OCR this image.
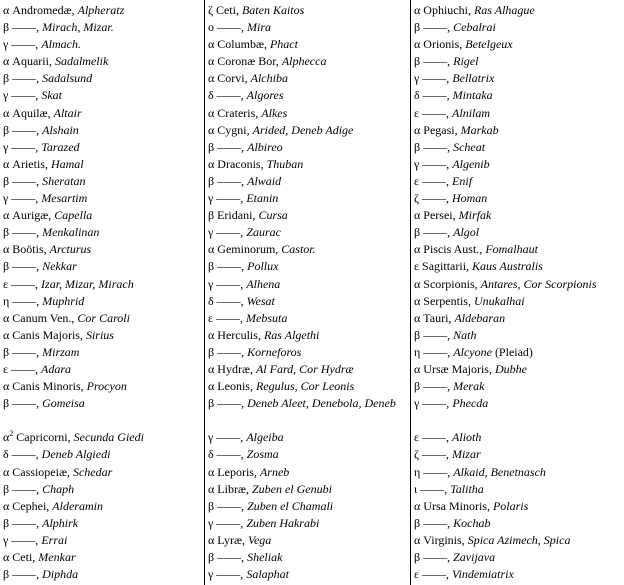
α Andromedæ, Alpheratz
β ——, Mirach, Mizar.
γ ——, Almach.
α Aquarii, Sadalmelik
β ——, Sadalsund
γ ——, Skat
α Aquilæ, Altair
β ——, Alshain
γ ——, Tarazed
α Arietis, Hamal
β ——, Sheratan
γ ——, Mesartim
α Aurigæ, Capella
β ——, Menkalinan
α Boötis, Arcturus
β ——, Nekkar
ε ——, Izar, Mizar, Mirach
η ——, Muphrid
α Canum Ven., Cor Caroli
α Canis Majoris, Sirius
β ——, Mirzam
ε ——, Adara
α Canis Minoris, Procyon
β ——, Gomeisa
$\alpha^2$ Capricorni, Secunda Giedi
δ ——, Deneb Algiedi
α Cassiopeiæ, Schedar
β ——, Chaph
α Cephei, Alderamin
β ——, Alphirk
γ ——, Errai
α Ceti, Menkar
β ——, Diphda
ζ Ceti, Baten Kaitos
ο ——, Mira
α Columbæ, Phact
α Coronæ Bor, Alphecca
α Corvi, Alchiba
δ ——, Algores
α Crateris, Alkes
α Cygni, Arided, Deneb Adige
β ——, Albireo
α Draconis, Thuban
β ——, Alwaid
γ ——, Etanin
β Eridani, Cursa
γ ——, Zaurac
α Geminorum, Castor.
β ——, Pollux
γ ——, Alhena
δ ——, Wesat
ε ——, Mebsuta
α Herculis, Ras Algethi
β ——, Korneforos
α Hydræ, Al Fard, Cor Hydræ
α Leonis, Regulus, Cor Leonis
β ——, Deneb Aleet, Denebola, Deneb
γ ——, Algeiba
δ ——, Zosma
α Leporis, Arneb
α Libræ, Zuben el Genubi
β ——, Zuben el Chamali
γ ——, Zuben Hakrabi
α Lyræ, Vega
β ——, Sheliak
γ ——, Salaphat
α Ophiuchi, Ras Alhague
β ——, Cebalrai
α Orionis, Betelgeux
β ——, Rigel
γ ——, Bellatrix
δ ——, Mintaka
ε ——, Alnilam
α Pegasi, Markab
β ——, Scheat
γ ——, Algenib
ε ——, Enif
ζ ——, Homan
α Persei, Mirfak
β ——, Algol
α Piscis Aust., Fomalhaut
ε Sagittarii, Kaus Australis
α Scorpionis, Antares, Cor Scorpionis
α Serpentis, Unukalhai
α Tauri, Aldebaran
β ——, Nath
η ——, Alcyone (Pleiad)
α Ursæ Majoris, Dubhe
β ——, Merak
γ ——, Phecda
ε ——, Alioth
ζ ——, Mizar
η ——, Alkaid, Benetnasch
ι ——, Talitha
α Ursa Minoris, Polaris
β ——, Kochab
α Virginis, Spica Azimech, Spica
β ——, Zavijava
ε ——, Vindemiatrix
